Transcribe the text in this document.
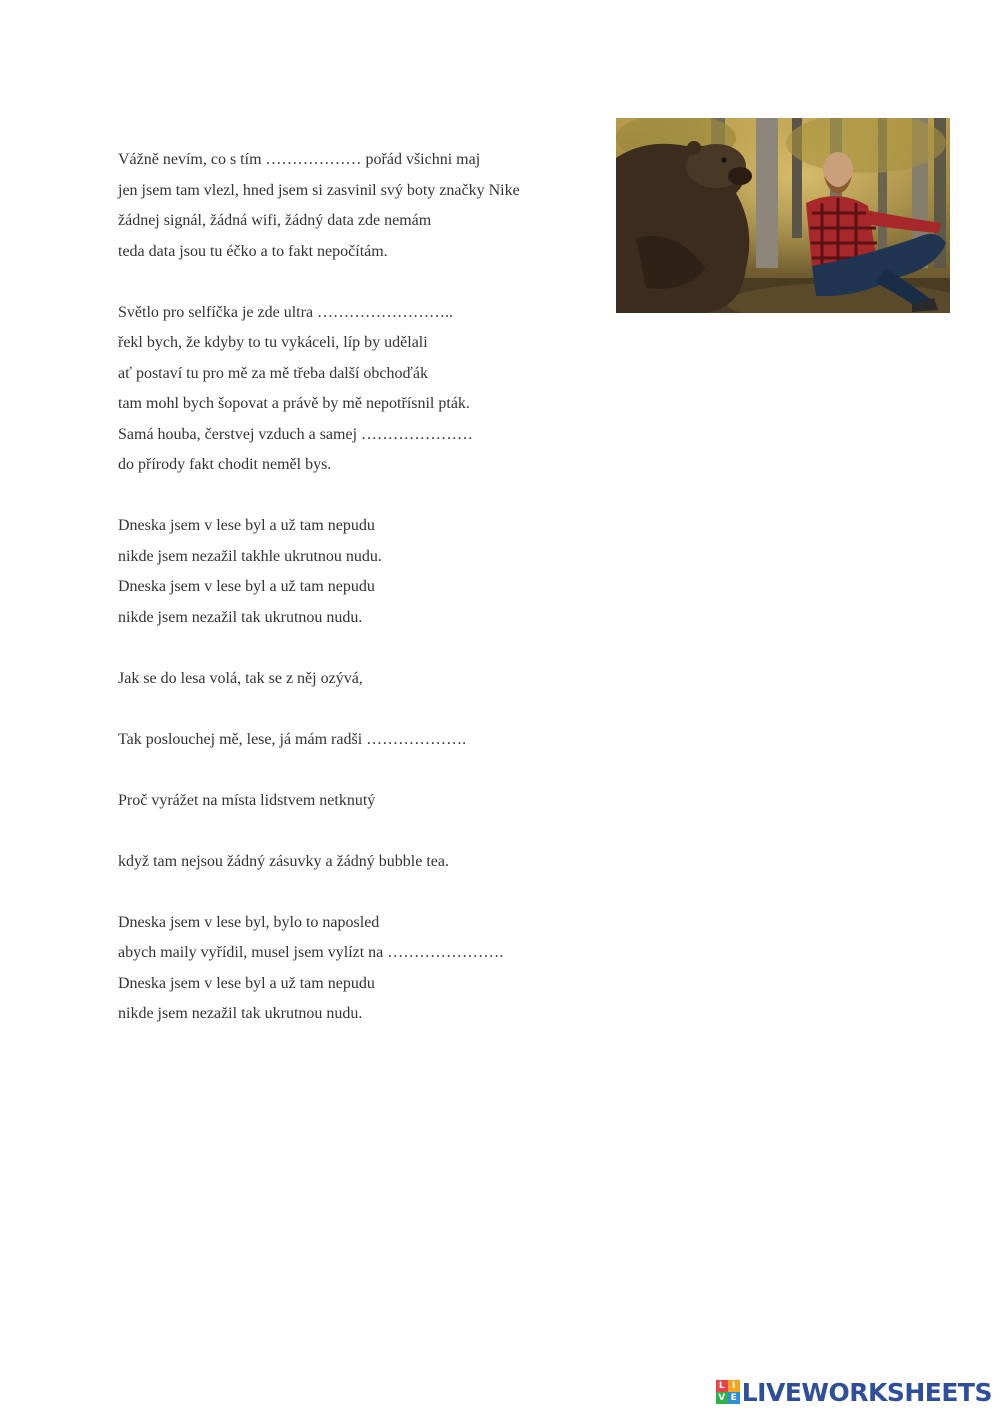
Vážně nevím, co s tím ……………… pořád všichni maj
jen jsem tam vlezl, hned jsem si zasvinil svý boty značky Nike
žádnej signál, žádná wifi, žádný data zde nemám
teda data jsou tu éčko a to fakt nepočítám.
Světlo pro selfíčka je zde ultra ……………………..
řekl bych, že kdyby to tu vykáceli, líp by udělali
ať postaví tu pro mě za mě třeba další obchoďák
tam mohl bych šopovat a právě by mě nepotřísnil pták.
Samá houba, čerstvej vzduch a samej …………………
do přírody fakt chodit neměl bys.
Dneska jsem v lese byl a už tam nepudu
nikde jsem nezažil takhle ukrutnou nudu.
Dneska jsem v lese byl a už tam nepudu
nikde jsem nezažil tak ukrutnou nudu.
Jak se do lesa volá, tak se z něj ozývá,
Tak poslouchej mě, lese, já mám radši ……………….
Proč vyrážet na místa lidstvem netknutý
když tam nejsou žádný zásuvky a žádný bubble tea.
Dneska jsem v lese byl, bylo to naposled
abych maily vyřídil, musel jsem vylízt na ………………….
Dneska jsem v lese byl a už tam nepudu
nikde jsem nezažil tak ukrutnou nudu.
L I
V E LIVEWORKSHEETS
